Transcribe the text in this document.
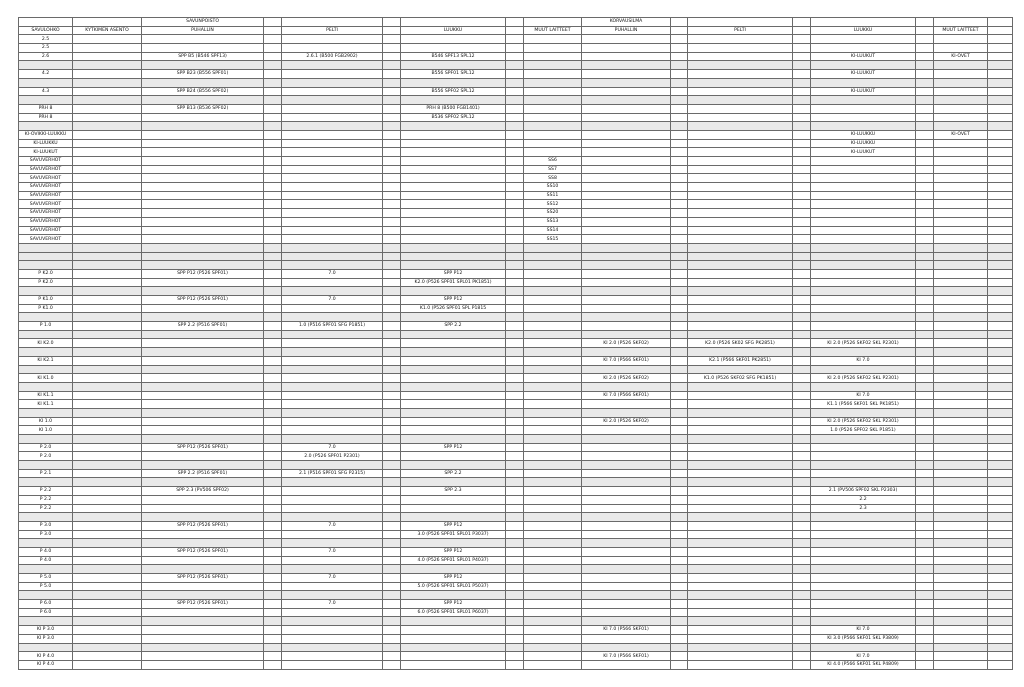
		SAVUNPOISTO							KORVAUSILMA							
SAVULOHKO	KYTKIMEN ASENTO	PUHALLIN		PELTI		LUUKKU		MUUT LAITTEET	PUHALLIN		PELTI		LUUKKU		MUUT LAITTEET	
2.5																
2.5																
2.6		SPP B5 (B546 SPF13)		2.6.1 (B500 FGB2902)		B546 SPF13 SPL12							KI-LUUKUT		KI-OVET	

4.2		SPP B23 (B556 SPF01)				B556 SPF01 SPL12							KI-LUUKUT			

4.3		SPP B24 (B556 SPF02)				B556 SPF02 SPL12							KI-LUUKUT			

PRH 8		SPP B13 (B536 SPF02)				PRH 8 (B500 FGB1401)										
PRH 8						B536 SPF02 SPL12										

KI-OVIKKI-LUUKKU													KI-LUUKKU		KI-OVET	
KI-LUUKKU													KI-LUUKKU			
KI-LUUKUT													KI-LUUKUT			
SAVUVERHOT								SS6								
SAVUVERHOT								SS7								
SAVUVERHOT								SS8								
SAVUVERHOT								SS10								
SAVUVERHOT								SS11								
SAVUVERHOT								SS12								
SAVUVERHOT								SS20								
SAVUVERHOT								SS13								
SAVUVERHOT								SS14								
SAVUVERHOT								SS15								

P K2.0		SPP P12 (P526 SPF01)		7.0		SPP P12										
P K2.0						K2.0 (P526 SPF01 SPL01 PK1851)										

P K1.0		SPP P12 (P526 SPF01)		7.0		SPP P12										
P K1.0						K1.0 (P526 SPF01 SPL P1815										

P 1.0		SPP 2.2 (P516 SPF01)		1.0 (P516 SPF01 SFG P1851)		SPP 2.2										

KI K2.0									KI 2.0 (P526 SKF02)		K2.0 (P526 SK02 SFG PK2851)		KI 2.0 (P526 SKF02 SKL P2301)			

KI K2.1									KI 7.0 (P566 SKF01)		K2.1 (P566 SKF01 PK2851)		KI 7.0			

KI K1.0									KI 2.0 (P526 SKF02)		K1.0 (P526 SKF02 SFG PK1851)		KI 2.0 (P526 SKF02 SKL P2301)			

KI K1.1									KI 7.0 (P566 SKF01)				KI 7.0			
KI K1.1													K1.1 (P566 SKF01 SKL PK1851)			

KI 1.0									KI 2.0 (P526 SKF02)				KI 2.0 (P526 SKF02 SKL P2301)			
KI 1.0													1.0 (P526 SPF02 SKL P1851)			

P 2.0		SPP P12 (P526 SPF01)		7.0		SPP P12										
P 2.0				2.0 (P526 SPF01 P2301)												

P 2.1		SPP 2.2 (P516 SPF01)		2.1 (P516 SPF01 SFG P2315)		SPP 2.2										

P 2.2		SPP 2.3 (PV506 SPF02)				SPP 2.3							2.1 (PV506 SPF02 SKL P2303)			
P 2.2													2.2			
P 2.2													2.3			

P 3.0		SPP P12 (P526 SPF01)		7.0		SPP P12										
P 3.0						3.0 (P526 SPF01 SPL01 P3037)										

P 4.0		SPP P12 (P526 SPF01)		7.0		SPP P12										
P 4.0						4.0 (P526 SPF01 SPL01 P4037)										

P 5.0		SPP P12 (P526 SPF01)		7.0		SPP P12										
P 5.0						5.0 (P526 SPF01 SPL01 P5037)										

P 6.0		SPP P12 (P526 SPF01)		7.0		SPP P12										
P 6.0						6.0 (P526 SPF01 SPL01 P6037)										

KI P 3.0									KI 7.0 (P566 SKF01)				KI 7.0			
KI P 3.0													KI 3.0 (P566 SKF01 SKL P3809)			

KI P 4.0									KI 7.0 (P566 SKF01)				KI 7.0			
KI P 4.0													KI 4.0 (P566 SKF01 SKL P4809)			
